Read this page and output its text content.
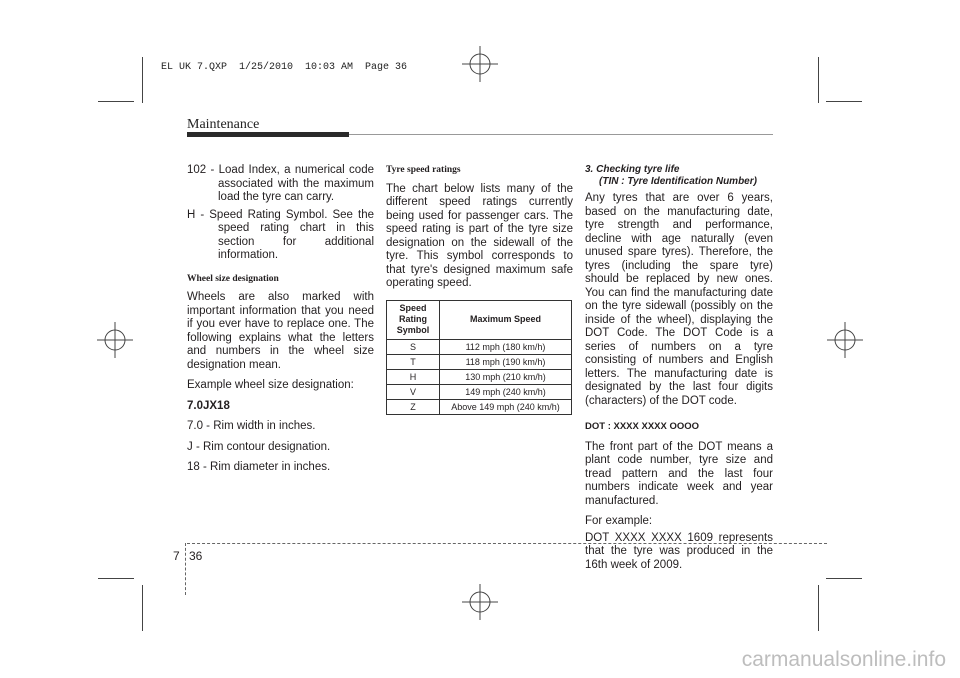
EL UK 7.QXP  1/25/2010  10:03 AM  Page 36
Maintenance

102 - Load Index, a numerical code associated with the maximum load the tyre can carry.

H - Speed Rating Symbol. See the speed rating chart in this section for additional information.

Wheel size designation

Wheels are also marked with important information that you need if you ever have to replace one. The following explains what the letters and numbers in the wheel size designation mean.

Example wheel size designation:

7.0JX18

7.0 - Rim width in inches.

J - Rim contour designation.

18 - Rim diameter in inches.

Tyre speed ratings

The chart below lists many of the different speed ratings currently being used for passenger cars. The speed rating is part of the tyre size designation on the sidewall of the tyre. This symbol corresponds to that tyre's designed maximum safe operating speed.

Speed Rating Symbol	Maximum Speed
S	112 mph (180 km/h)
T	118 mph (190 km/h)
H	130 mph (210 km/h)
V	149 mph (240 km/h)
Z	Above 149 mph (240 km/h)

3. Checking tyre life
(TIN : Tyre Identification Number)

Any tyres that are over 6 years, based on the manufacturing date, tyre strength and performance, decline with age naturally (even unused spare tyres). Therefore, the tyres (including the spare tyre) should be replaced by new ones. You can find the manufacturing date on the tyre sidewall (possibly on the inside of the wheel), displaying the DOT Code. The DOT Code is a series of numbers on a tyre consisting of numbers and English letters. The manufacturing date is designated by the last four digits (characters) of the DOT code.

DOT : XXXX XXXX OOOO

The front part of the DOT means a plant code number, tyre size and tread pattern and the last four numbers indicate week and year manufactured.

For example:

DOT XXXX XXXX 1609 represents that the tyre was produced in the 16th week of 2009.

7 36
carmanualsonline.info
